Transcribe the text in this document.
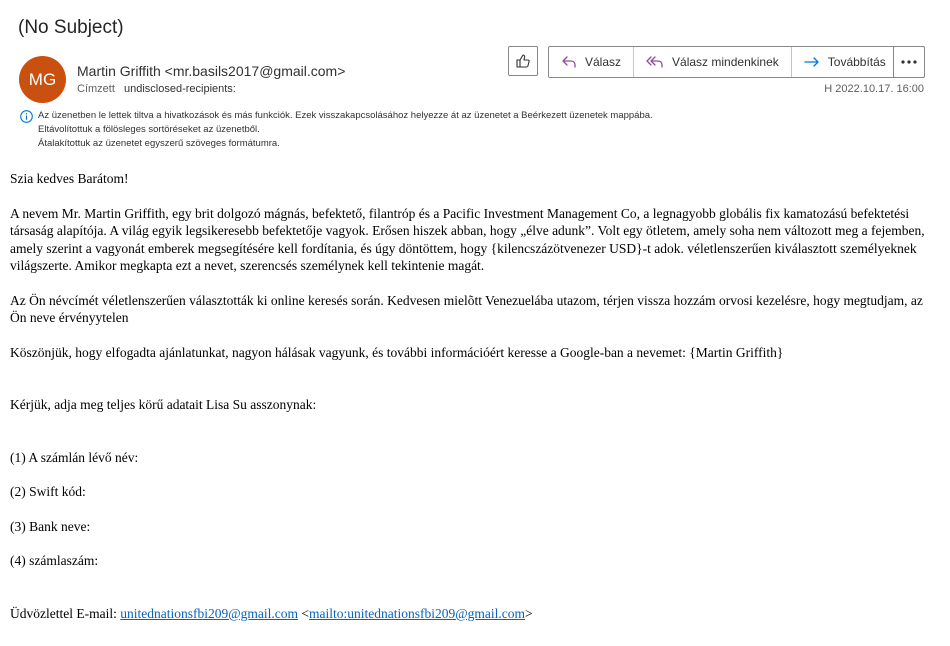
(No Subject)
MG Martin Griffith <mr.basils2017@gmail.com>
Címzett undisclosed-recipients:	H 2022.10.17. 16:00
Válasz	Válasz mindenkinek	Továbbítás
Az üzenetben le lettek tiltva a hivatkozások és más funkciók. Ezek visszakapcsolásához helyezze át az üzenetet a Beérkezett üzenetek mappába.
Eltávolítottuk a fölösleges sortöréseket az üzenetből.
Átalakítottuk az üzenetet egyszerű szöveges formátumra.

Szia kedves Barátom!

A nevem Mr. Martin Griffith, egy brit dolgozó mágnás, befektető, filantróp és a Pacific Investment Management Co, a legnagyobb globális fix kamatozású befektetési társaság alapítója. A világ egyik legsikeresebb befektetője vagyok. Erősen hiszek abban, hogy „élve adunk”. Volt egy ötletem, amely soha nem változott meg a fejemben, amely szerint a vagyonát emberek megsegítésére kell fordítania, és úgy döntöttem, hogy {kilencszázötvenezer USD}-t adok. véletlenszerűen kiválasztott személyeknek világszerte. Amikor megkapta ezt a nevet, szerencsés személynek kell tekintenie magát.

Az Ön névcímét véletlenszerűen választották ki online keresés során. Kedvesen mielõtt Venezuelába utazom, térjen vissza hozzám orvosi kezelésre, hogy megtudjam, az Ön neve érvényytelen

Köszönjük, hogy elfogadta ajánlatunkat, nagyon hálásak vagyunk, és további információért keresse a Google-ban a nevemet: {Martin Griffith}

Kérjük, adja meg teljes körű adatait Lisa Su asszonynak:

(1) A számlán lévő név:

(2) Swift kód:

(3) Bank neve:

(4) számlaszám:

Üdvözlettel E-mail: unitednationsfbi209@gmail.com <mailto:unitednationsfbi209@gmail.com>
